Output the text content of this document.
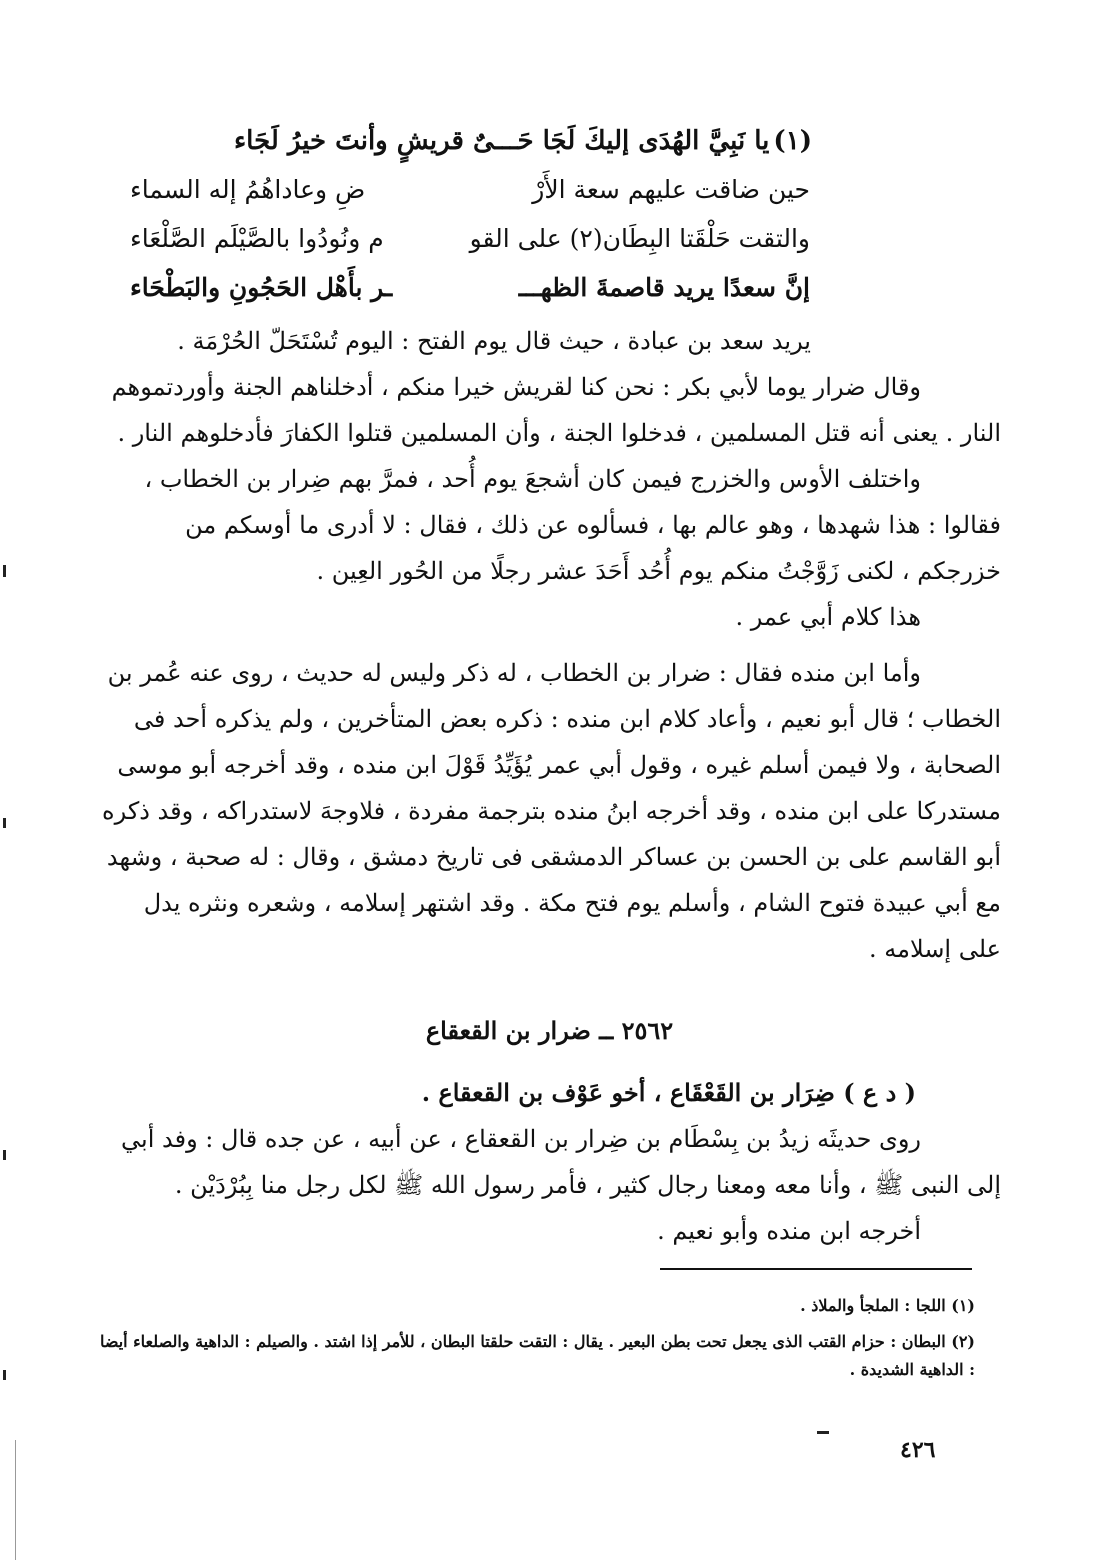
يا نَبِيَّ الهُدَى إليكَ لَجَا حَـــىٌ قريشٍ وأنتَ خيرُ لَجَاء (١)
ضِ وعاداهُمُ إله السماء	حين ضاقت عليهم سعة الأَرْ
م ونُودُوا بالصَّيْلَم الصَّلْعَاء	والتقت حَلْقَتا البِطَان(٢) على القو
ـر بأَهْل الحَجُونِ والبَطْحَاء	إنَّ سعدًا يريد قاصمةَ الظهـــ

يريد سعد بن عبادة ، حيث قال يوم الفتح : اليوم تُسْتَحَلّ الحُرْمَة .

وقال ضرار يوما لأبي بكر : نحن كنا لقريش خيرا منكم ، أدخلناهم الجنة وأوردتموهم النار . يعنى أنه قتل المسلمين ، فدخلوا الجنة ، وأن المسلمين قتلوا الكفارَ فأدخلوهم النار .

واختلف الأوس والخزرج فيمن كان أشجعَ يوم أُحد ، فمرَّ بهم ضِرار بن الخطاب ، فقالوا : هذا شهدها ، وهو عالم بها ، فسألوه عن ذلك ، فقال : لا أدرى ما أوسكم من خزرجكم ، لكنى زَوَّجْتُ منكم يوم أُحُد أَحَدَ عشر رجلًا من الحُور العِين .

هذا كلام أبي عمر .

وأما ابن منده فقال : ضرار بن الخطاب ، له ذكر وليس له حديث ، روى عنه عُمر بن الخطاب ؛ قال أبو نعيم ، وأعاد كلام ابن منده : ذكره بعض المتأخرين ، ولم يذكره أحد فى الصحابة ، ولا فيمن أسلم غيره ، وقول أبي عمر يُؤَيِّدُ قَوْلَ ابن منده ، وقد أخرجه أبو موسى مستدركا على ابن منده ، وقد أخرجه ابنُ منده بترجمة مفردة ، فلاوجهَ لاستدراكه ، وقد ذكره أبو القاسم على بن الحسن بن عساكر الدمشقى فى تاريخ دمشق ، وقال : له صحبة ، وشهد مع أبي عبيدة فتوح الشام ، وأسلم يوم فتح مكة . وقد اشتهر إسلامه ، وشعره ونثره يدل على إسلامه .

٢٥٦٢ ــ ضرار بن القعقاع

( د ع ) ضِرَار بن القَعْقَاع ، أخو عَوْف بن القعقاع .

روى حديثَه زيدُ بن بِسْطَام بن ضِرار بن القعقاع ، عن أبيه ، عن جده قال : وفد أبي إلى النبى ﷺ ، وأنا معه ومعنا رجال كثير ، فأمر رسول الله ﷺ لكل رجل منا بِبُرْدَيْن .

أخرجه ابن منده وأبو نعيم .

(١) اللجا : الملجأ والملاذ .
(٢) البطان : حزام القتب الذى يجعل تحت بطن البعير . يقال : التقت حلقتا البطان ، للأمر إذا اشتد . والصيلم : الداهية والصلعاء أيضا : الداهية الشديدة .
٤٢٦
